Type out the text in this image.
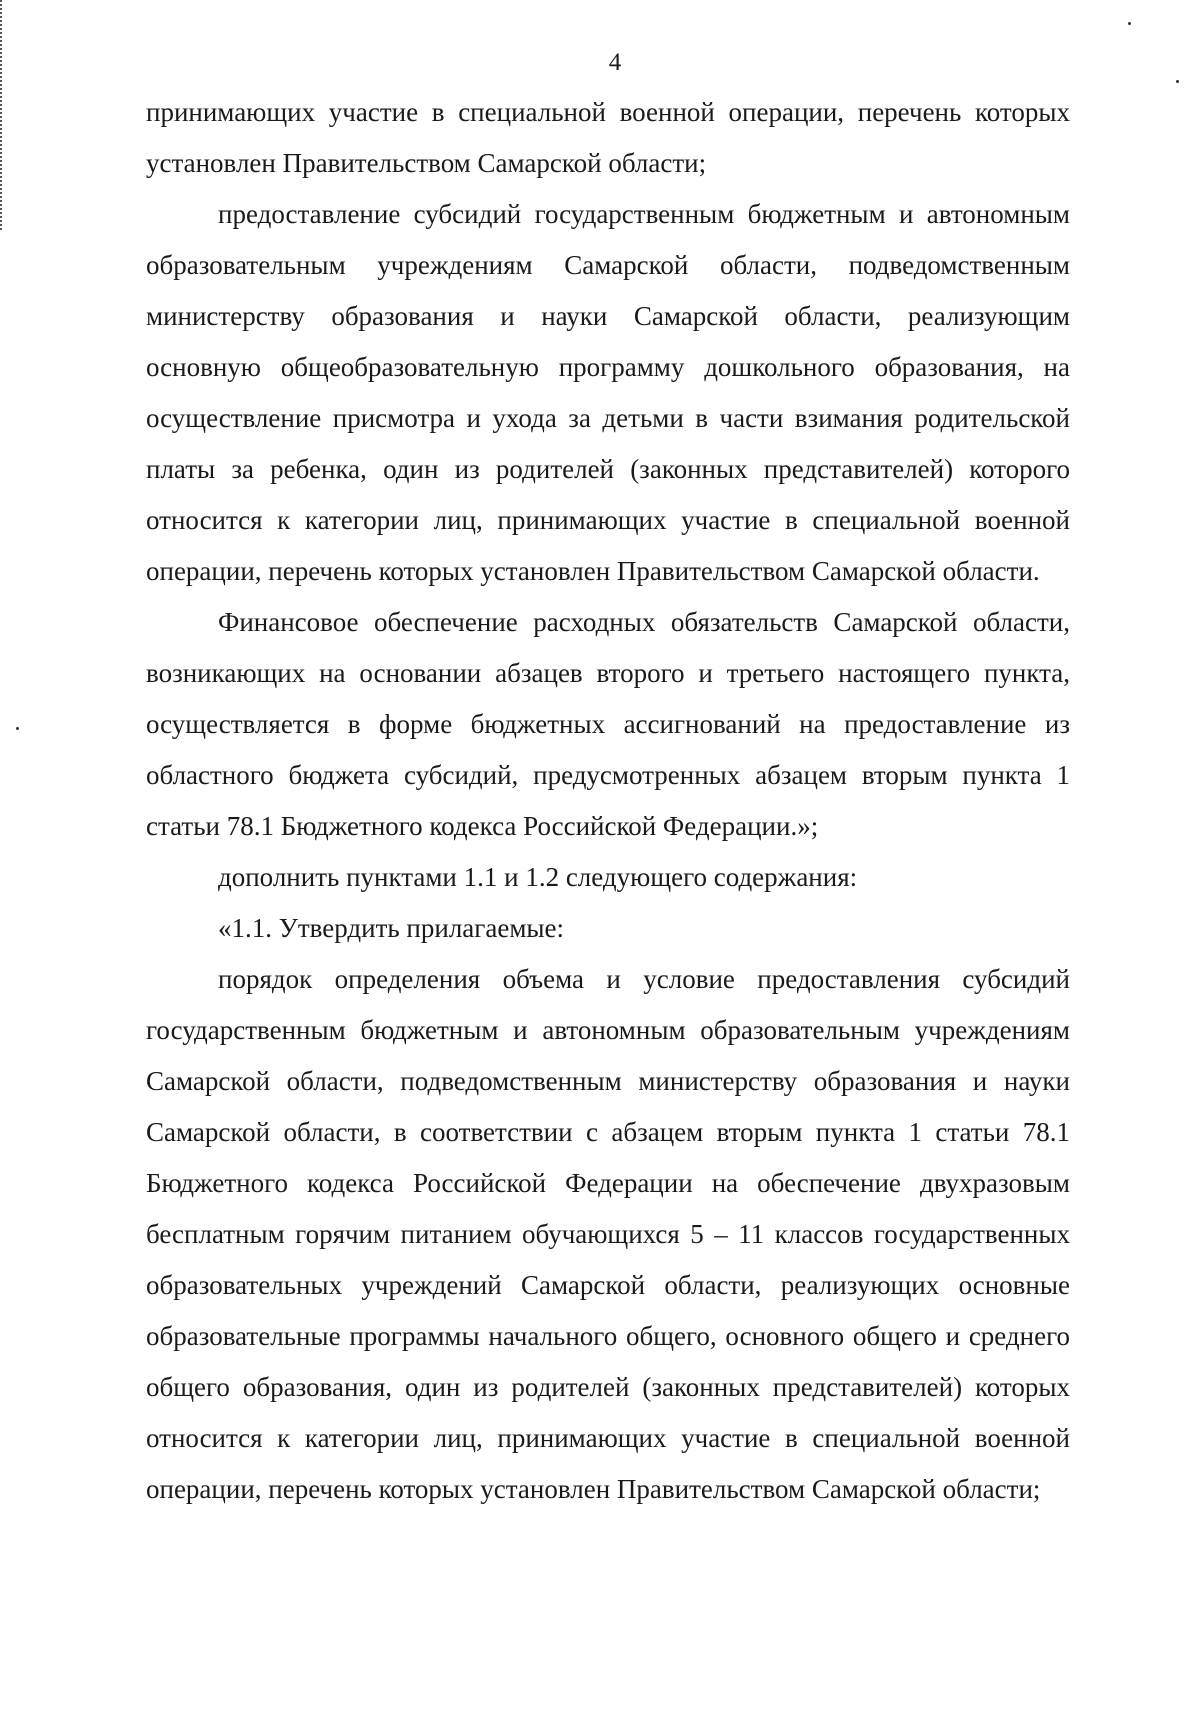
4

принимающих участие в специальной военной операции, перечень которых установлен Правительством Самарской области;

предоставление субсидий государственным бюджетным и автономным образовательным учреждениям Самарской области, подведомственным министерству образования и науки Самарской области, реализующим основную общеобразовательную программу дошкольного образования, на осуществление присмотра и ухода за детьми в части взимания родительской платы за ребенка, один из родителей (законных представителей) которого относится к категории лиц, принимающих участие в специальной военной операции, перечень которых установлен Правительством Самарской области.

Финансовое обеспечение расходных обязательств Самарской области, возникающих на основании абзацев второго и третьего настоящего пункта, осуществляется в форме бюджетных ассигнований на предоставление из областного бюджета субсидий, предусмотренных абзацем вторым пункта 1 статьи 78.1 Бюджетного кодекса Российской Федерации.»;

дополнить пунктами 1.1 и 1.2 следующего содержания:

«1.1. Утвердить прилагаемые:

порядок определения объема и условие предоставления субсидий государственным бюджетным и автономным образовательным учреждениям Самарской области, подведомственным министерству образования и науки Самарской области, в соответствии с абзацем вторым пункта 1 статьи 78.1 Бюджетного кодекса Российской Федерации на обеспечение двухразовым бесплатным горячим питанием обучающихся 5 – 11 классов государственных образовательных учреждений Самарской области, реализующих основные образовательные программы начального общего, основного общего и среднего общего образования, один из родителей (законных представителей) которых относится к категории лиц, принимающих участие в специальной военной операции, перечень которых установлен Правительством Самарской области;
